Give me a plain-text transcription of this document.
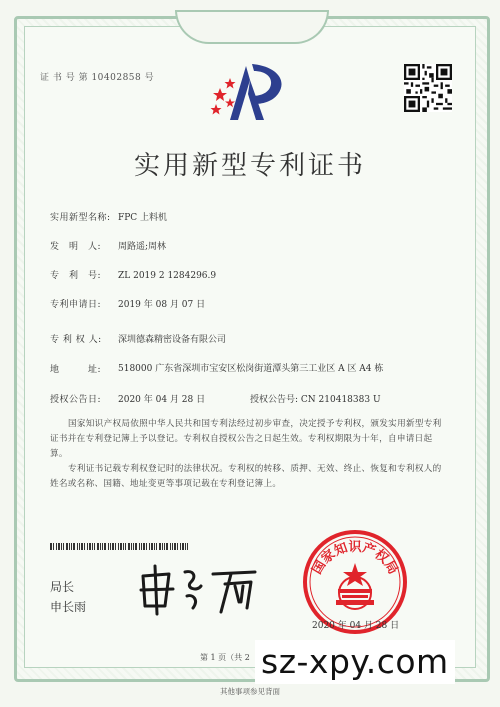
证 书 号 第 10402858 号
实用新型专利证书
实用新型名称: FPC 上料机
发　明　人: 周路遥;周林
专　利　号: ZL 2019 2 1284296.9
专利申请日: 2019 年 08 月 07 日
专 利 权 人: 深圳德森精密设备有限公司
地　　　址: 518000 广东省深圳市宝安区松岗街道潭头第三工业区 A 区 A4 栋
授权公告日: 2020 年 04 月 28 日	授权公告号: CN 210418383 U
国家知识产权局依照中华人民共和国专利法经过初步审查，决定授予专利权，颁发实用新型专利证书并在专利登记簿上予以登记。专利权自授权公告之日起生效。专利权期限为十年，自申请日起算。
专利证书记载专利权登记时的法律状况。专利权的转移、质押、无效、终止、恢复和专利权人的姓名或名称、国籍、地址变更等事项记载在专利登记簿上。
局长
申长雨
国家知识产权局
2020 年 04 月 28 日
第 1 页（共 2
其他事项参见背面
sz-xpy.com
